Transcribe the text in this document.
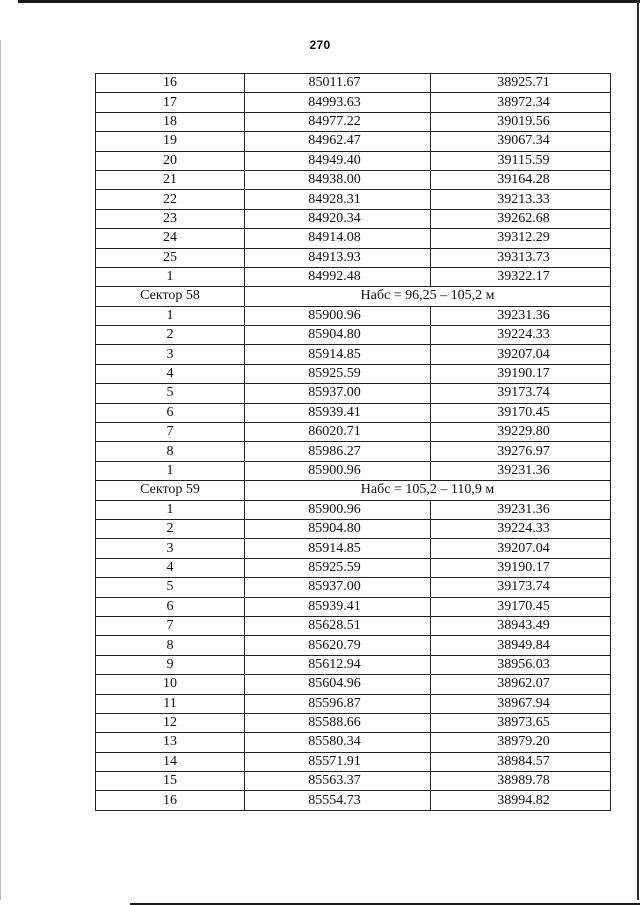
270
16	85011.67	38925.71
17	84993.63	38972.34
18	84977.22	39019.56
19	84962.47	39067.34
20	84949.40	39115.59
21	84938.00	39164.28
22	84928.31	39213.33
23	84920.34	39262.68
24	84914.08	39312.29
25	84913.93	39313.73
1	84992.48	39322.17
Сектор 58	Набс = 96,25 – 105,2 м	
1	85900.96	39231.36
2	85904.80	39224.33
3	85914.85	39207.04
4	85925.59	39190.17
5	85937.00	39173.74
6	85939.41	39170.45
7	86020.71	39229.80
8	85986.27	39276.97
1	85900.96	39231.36
Сектор 59	Набс = 105,2 – 110,9 м	
1	85900.96	39231.36
2	85904.80	39224.33
3	85914.85	39207.04
4	85925.59	39190.17
5	85937.00	39173.74
6	85939.41	39170.45
7	85628.51	38943.49
8	85620.79	38949.84
9	85612.94	38956.03
10	85604.96	38962.07
11	85596.87	38967.94
12	85588.66	38973.65
13	85580.34	38979.20
14	85571.91	38984.57
15	85563.37	38989.78
16	85554.73	38994.82
